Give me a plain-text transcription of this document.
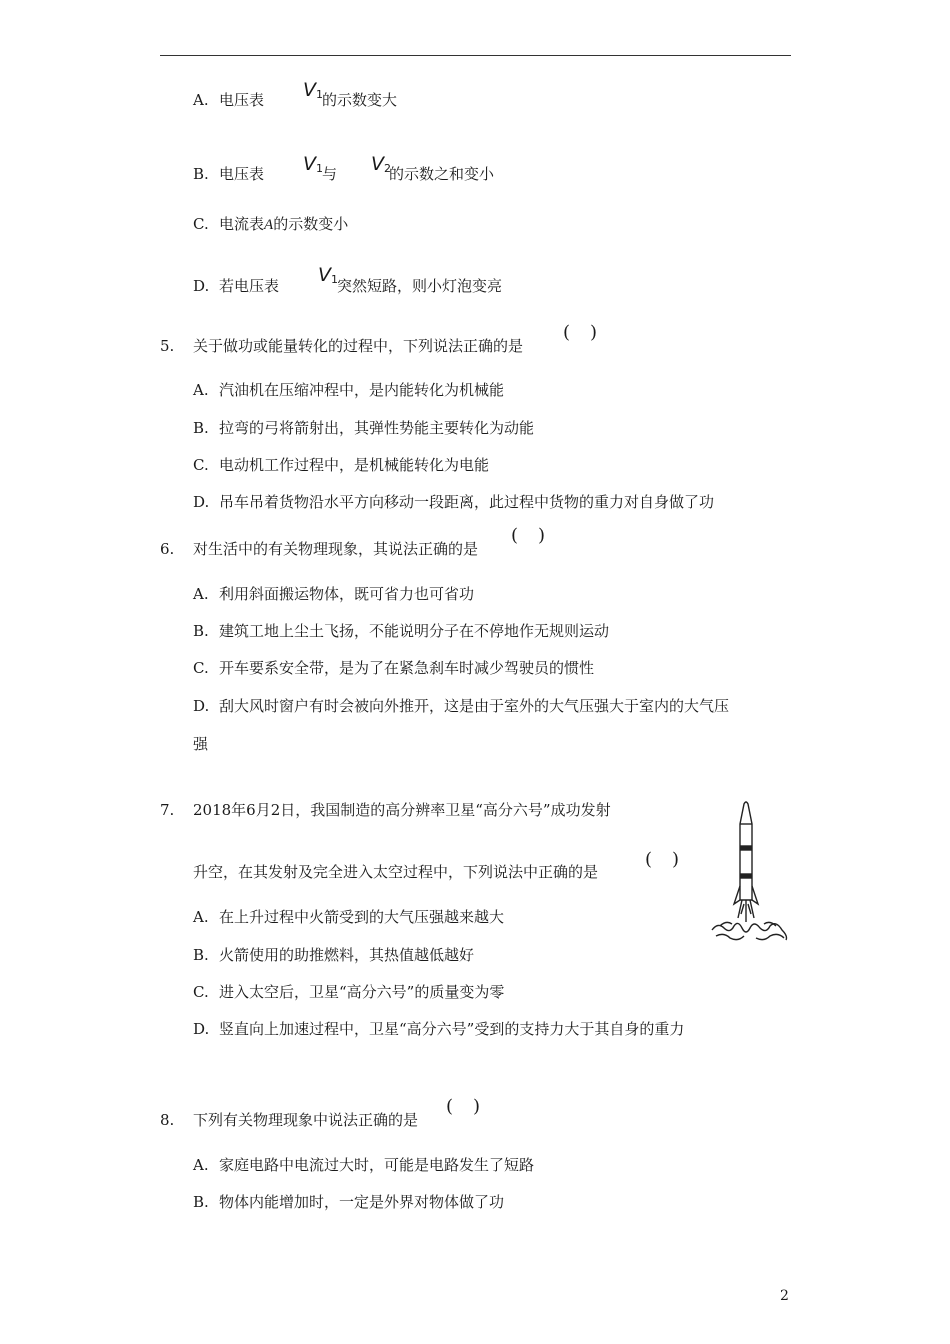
A. 电压表 $V_1$ 的示数变大
B. 电压表 $V_1$ 与 $V_2$
的示数之和变小
C. 电流表A的示数变小
D. 若电压表 $V_1$ 突然短路，则小灯泡变亮
5. 关于做功或能量转化的过程中，下列说法正确的是
( )
A. 汽油机在压缩冲程中，是内能转化为机械能
B. 拉弯的弓将箭射出，其弹性势能主要转化为动能
C. 电动机工作过程中，是机械能转化为电能
D. 吊车吊着货物沿水平方向移动一段距离，此过程中货物的重力对自身做了功
6. 对生活中的有关物理现象，其说法正确的是
( )
A. 利用斜面搬运物体，既可省力也可省功
B. 建筑工地上尘土飞扬，不能说明分子在不停地作无规则运动
C. 开车要系安全带，是为了在紧急刹车时减少驾驶员的惯性
D. 刮大风时窗户有时会被向外推开，这是由于室外的大气压强大于室内的大气压
强
7. 2018年6月2日，我国制造的高分辨率卫星“高分六号”成功发射
升空，在其发射及完全进入太空过程中，下列说法中正确的是
( )
A. 在上升过程中火箭受到的大气压强越来越大
B. 火箭使用的助推燃料，其热值越低越好
C. 进入太空后，卫星“高分六号”的质量变为零
D. 竖直向上加速过程中，卫星“高分六号”受到的支持力大于其自身的重力
8. 下列有关物理现象中说法正确的是
( )
A. 家庭电路中电流过大时，可能是电路发生了短路
B. 物体内能增加时，一定是外界对物体做了功
2
